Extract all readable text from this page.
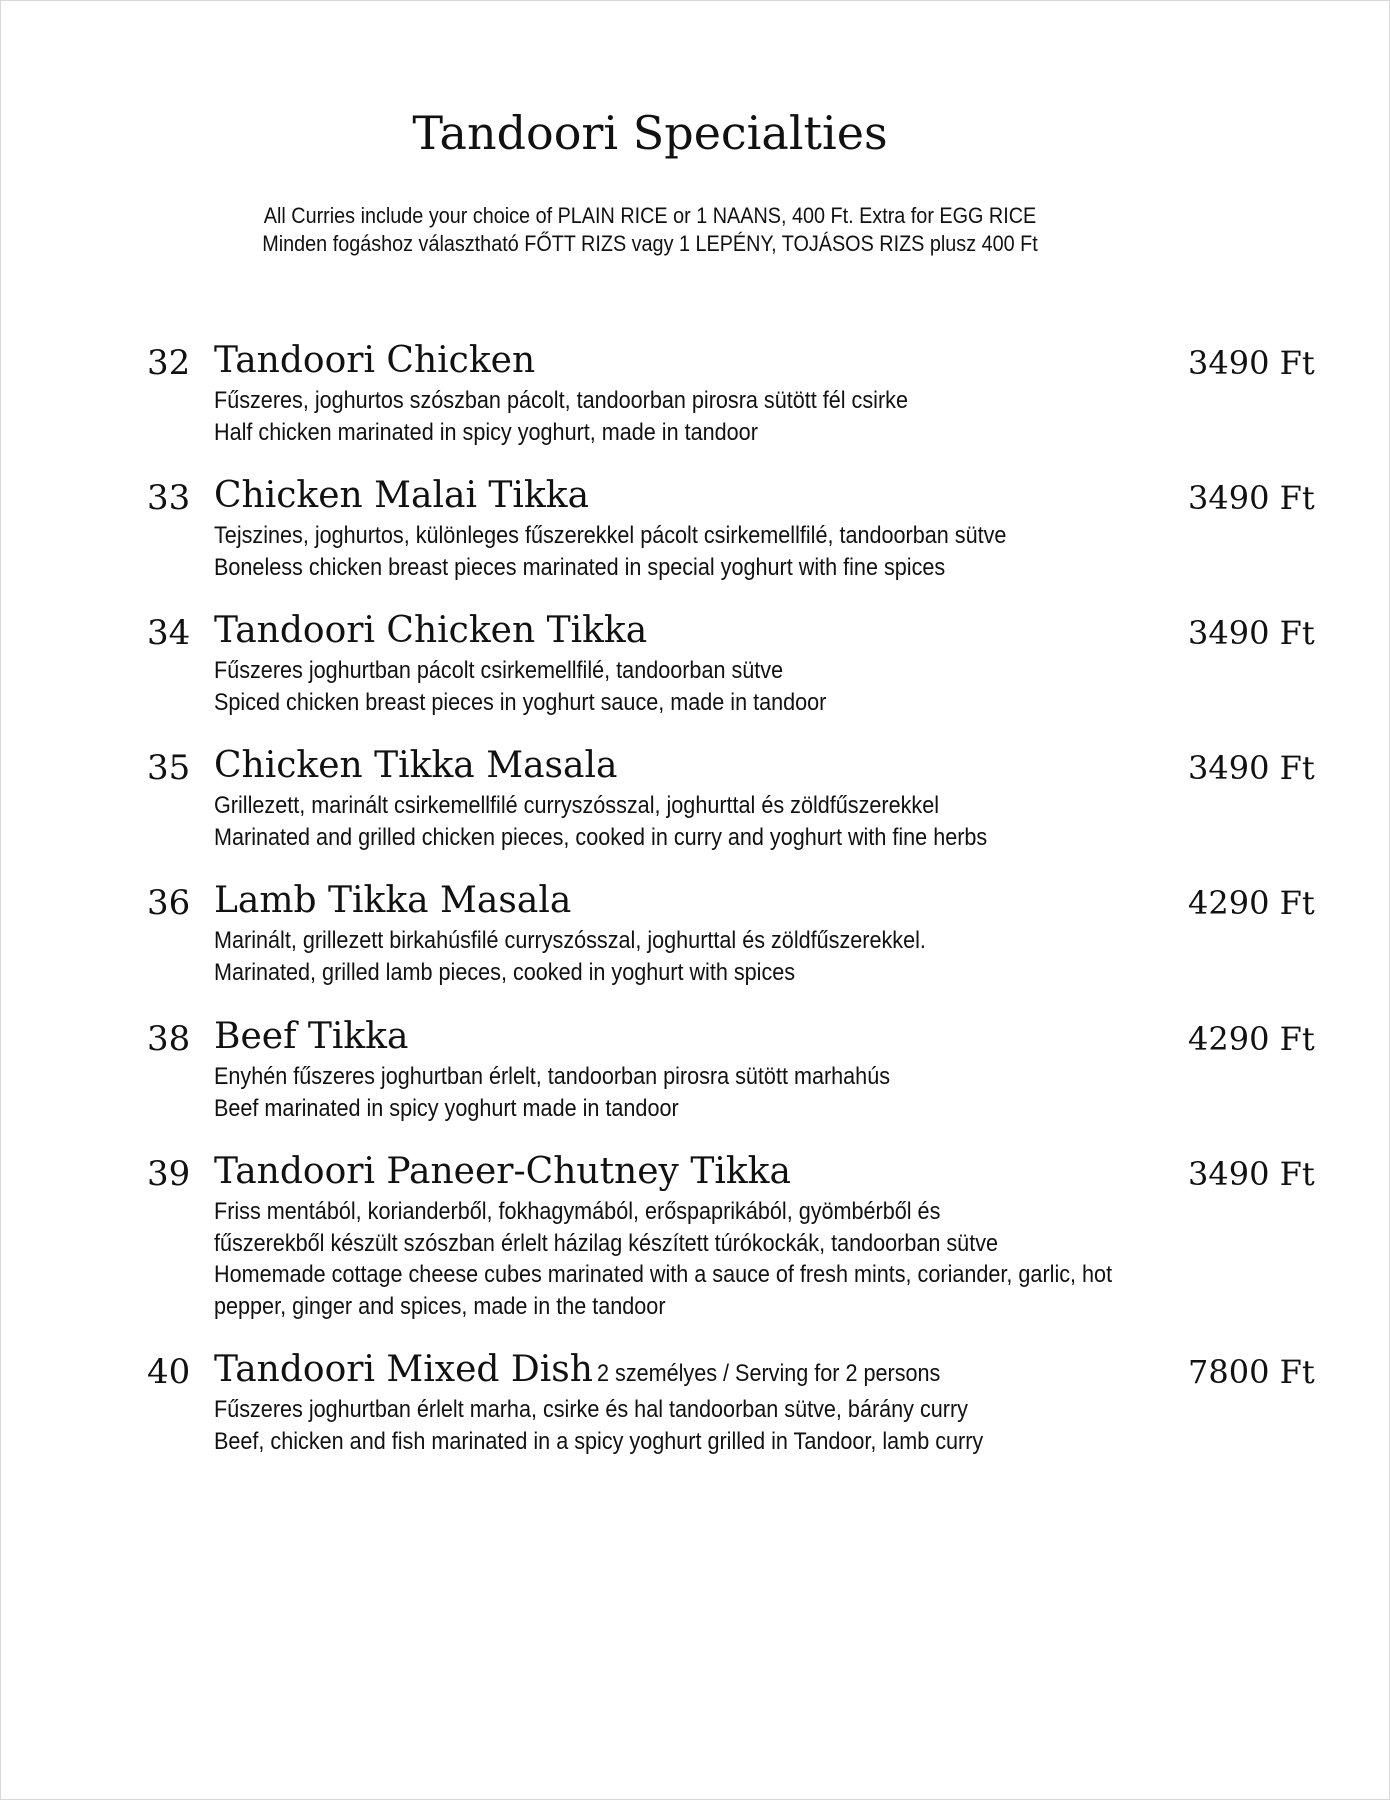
Tandoori Specialties
All Curries include your choice of PLAIN RICE or 1 NAANS, 400 Ft. Extra for EGG RICE
Minden fogáshoz választható FŐTT RIZS vagy 1 LEPÉNY, TOJÁSOS RIZS plusz 400 Ft
32 Tandoori Chicken	3490 Ft
Fűszeres, joghurtos szószban pácolt, tandoorban pirosra sütött fél csirke
Half chicken marinated in spicy yoghurt, made in tandoor
33 Chicken Malai Tikka	3490 Ft
Tejszines, joghurtos, különleges fűszerekkel pácolt csirkemellfilé, tandoorban sütve
Boneless chicken breast pieces marinated in special yoghurt with fine spices
34 Tandoori Chicken Tikka	3490 Ft
Fűszeres joghurtban pácolt csirkemellfilé, tandoorban sütve
Spiced chicken breast pieces in yoghurt sauce, made in tandoor
35 Chicken Tikka Masala	3490 Ft
Grillezett, marinált csirkemellfilé curryszósszal, joghurttal és zöldfűszerekkel
Marinated and grilled chicken pieces, cooked in curry and yoghurt with fine herbs
36 Lamb Tikka Masala	4290 Ft
Marinált, grillezett birkahúsfilé curryszósszal, joghurttal és zöldfűszerekkel.
Marinated, grilled lamb pieces, cooked in yoghurt with spices
38 Beef Tikka	4290 Ft
Enyhén fűszeres joghurtban érlelt, tandoorban pirosra sütött marhahús
Beef marinated in spicy yoghurt made in tandoor
39 Tandoori Paneer-Chutney Tikka	3490 Ft
Friss mentából, korianderből, fokhagymából, erőspaprikából, gyömbérből és
fűszerekből készült szószban érlelt házilag készített túrókockák, tandoorban sütve
Homemade cottage cheese cubes marinated with a sauce of fresh mints, coriander, garlic, hot
pepper, ginger and spices, made in the tandoor
40 Tandoori Mixed Dish 2 személyes / Serving for 2 persons	7800 Ft
Fűszeres joghurtban érlelt marha, csirke és hal tandoorban sütve, bárány curry
Beef, chicken and fish marinated in a spicy yoghurt grilled in Tandoor, lamb curry
